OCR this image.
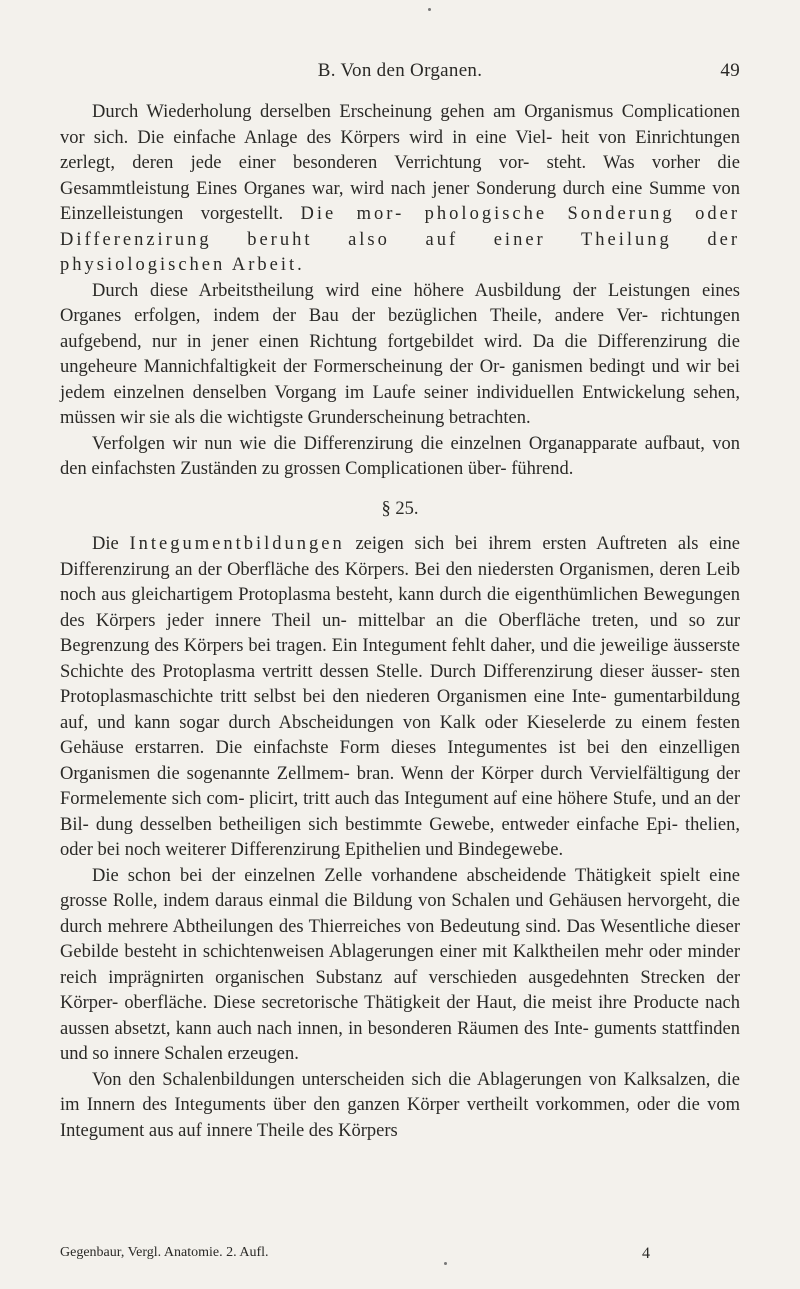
B. Von den Organen.	49

Durch Wiederholung derselben Erscheinung gehen am Organismus Complicationen vor sich. Die einfache Anlage des Körpers wird in eine Viel- heit von Einrichtungen zerlegt, deren jede einer besonderen Verrichtung vor- steht. Was vorher die Gesammtleistung Eines Organes war, wird nach jener Sonderung durch eine Summe von Einzelleistungen vorgestellt. Die mor- phologische Sonderung oder Differenzirung beruht also auf einer Theilung der physiologischen Arbeit.

Durch diese Arbeitstheilung wird eine höhere Ausbildung der Leistungen eines Organes erfolgen, indem der Bau der bezüglichen Theile, andere Ver- richtungen aufgebend, nur in jener einen Richtung fortgebildet wird. Da die Differenzirung die ungeheure Mannichfaltigkeit der Formerscheinung der Or- ganismen bedingt und wir bei jedem einzelnen denselben Vorgang im Laufe seiner individuellen Entwickelung sehen, müssen wir sie als die wichtigste Grunderscheinung betrachten.

Verfolgen wir nun wie die Differenzirung die einzelnen Organapparate aufbaut, von den einfachsten Zuständen zu grossen Complicationen über- führend.

§ 25.

Die Integumentbildungen zeigen sich bei ihrem ersten Auftreten als eine Differenzirung an der Oberfläche des Körpers. Bei den niedersten Organismen, deren Leib noch aus gleichartigem Protoplasma besteht, kann durch die eigenthümlichen Bewegungen des Körpers jeder innere Theil un- mittelbar an die Oberfläche treten, und so zur Begrenzung des Körpers bei tragen. Ein Integument fehlt daher, und die jeweilige äusserste Schichte des Protoplasma vertritt dessen Stelle. Durch Differenzirung dieser äusser- sten Protoplasmaschichte tritt selbst bei den niederen Organismen eine Inte- gumentarbildung auf, und kann sogar durch Abscheidungen von Kalk oder Kieselerde zu einem festen Gehäuse erstarren. Die einfachste Form dieses Integumentes ist bei den einzelligen Organismen die sogenannte Zellmem- bran. Wenn der Körper durch Vervielfältigung der Formelemente sich com- plicirt, tritt auch das Integument auf eine höhere Stufe, und an der Bil- dung desselben betheiligen sich bestimmte Gewebe, entweder einfache Epi- thelien, oder bei noch weiterer Differenzirung Epithelien und Bindegewebe.

Die schon bei der einzelnen Zelle vorhandene abscheidende Thätigkeit spielt eine grosse Rolle, indem daraus einmal die Bildung von Schalen und Gehäusen hervorgeht, die durch mehrere Abtheilungen des Thierreiches von Bedeutung sind. Das Wesentliche dieser Gebilde besteht in schichtenweisen Ablagerungen einer mit Kalktheilen mehr oder minder reich imprägnirten organischen Substanz auf verschieden ausgedehnten Strecken der Körper- oberfläche. Diese secretorische Thätigkeit der Haut, die meist ihre Producte nach aussen absetzt, kann auch nach innen, in besonderen Räumen des Inte- guments stattfinden und so innere Schalen erzeugen.

Von den Schalenbildungen unterscheiden sich die Ablagerungen von Kalksalzen, die im Innern des Integuments über den ganzen Körper vertheilt vorkommen, oder die vom Integument aus auf innere Theile des Körpers

Gegenbaur, Vergl. Anatomie. 2. Aufl.	4
